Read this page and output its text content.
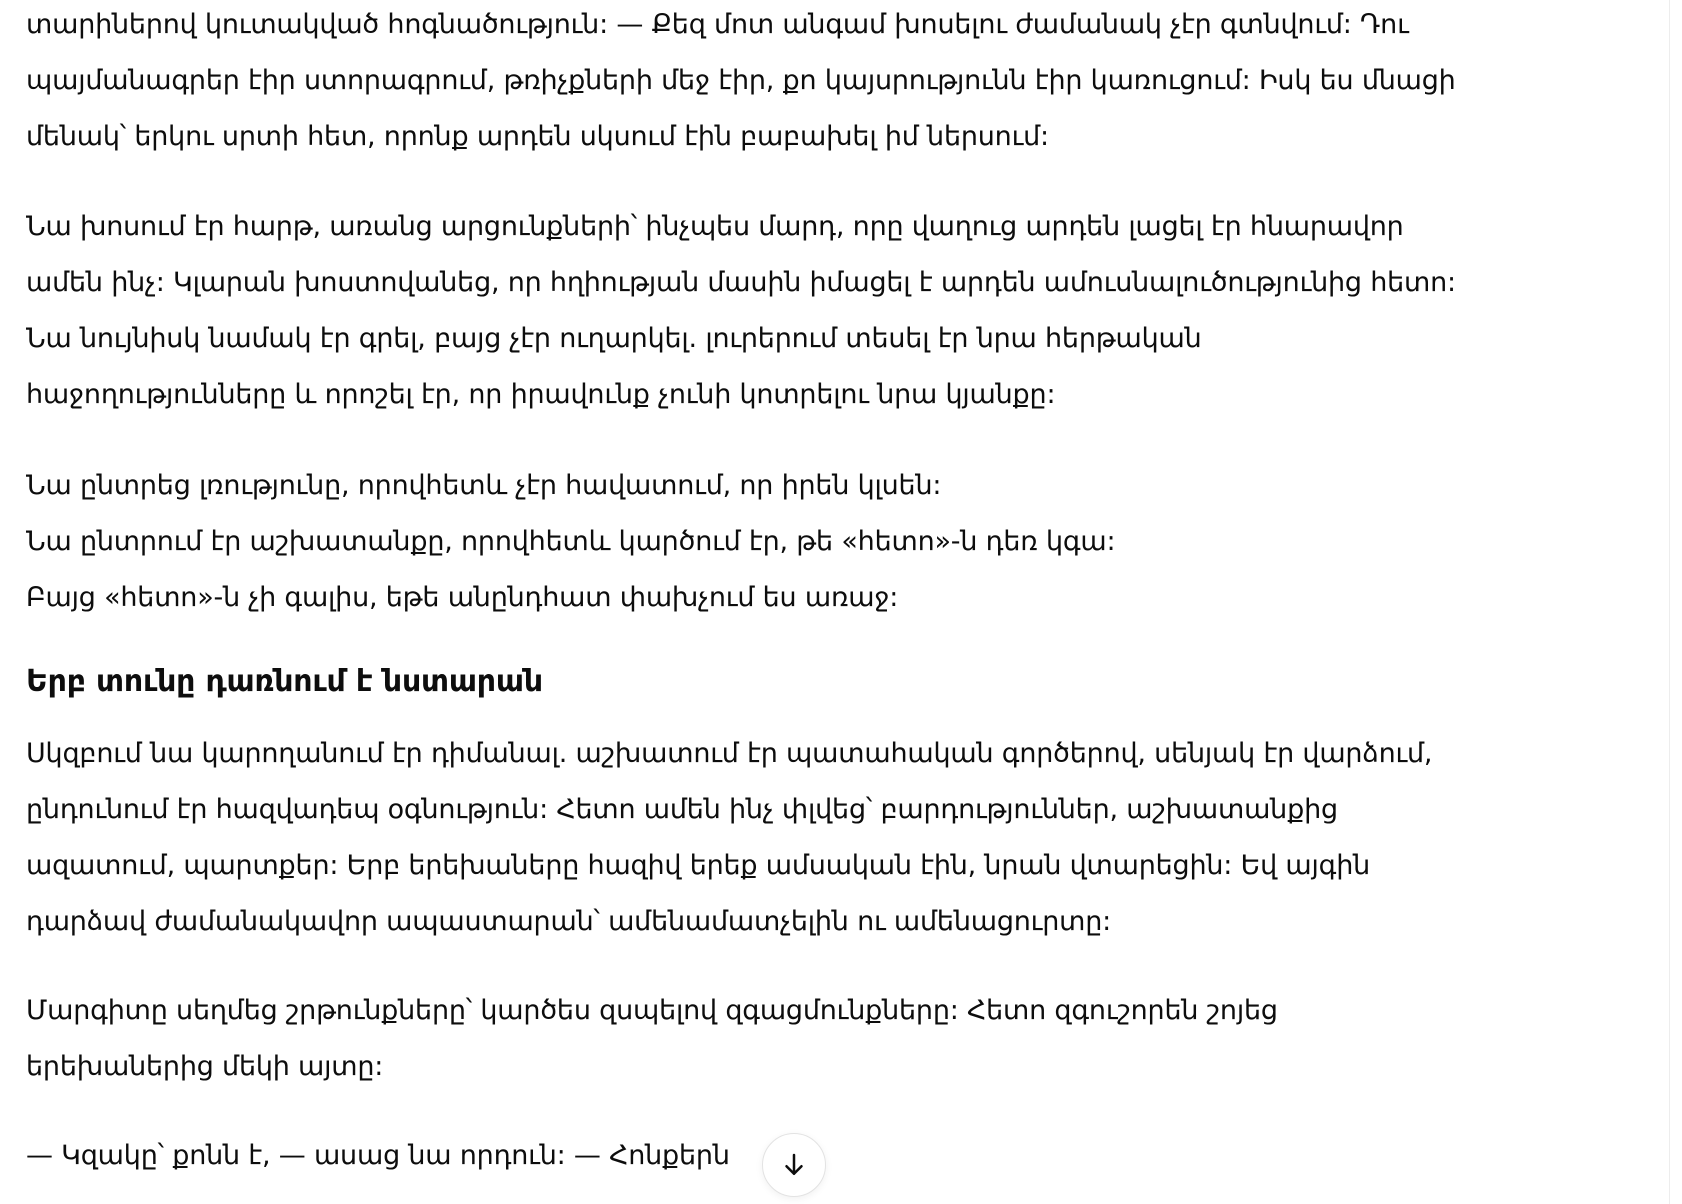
տարիներով կուտակված հոգնածություն: — Քեզ մոտ անգամ խոսելու ժամանակ չէր գտնվում: Դու
պայմանագրեր էիր ստորագրում, թռիչքների մեջ էիր, քո կայսրությունն էիր կառուցում: Իսկ ես մնացի
մենակ՝ երկու սրտի հետ, որոնք արդեն սկսում էին բաբախել իմ ներսում:
Նա խոսում էր հարթ, առանց արցունքների՝ ինչպես մարդ, որը վաղուց արդեն լացել էր հնարավոր
ամեն ինչ: Կլարան խոստովանեց, որ հղիության մասին իմացել է արդեն ամուսնալուծությունից հետո:
Նա նույնիսկ նամակ էր գրել, բայց չէր ուղարկել. լուրերում տեսել էր նրա հերթական
հաջողությունները և որոշել էր, որ իրավունք չունի կոտրելու նրա կյանքը:
Նա ընտրեց լռությունը, որովհետև չէր հավատում, որ իրեն կլսեն:
Նա ընտրում էր աշխատանքը, որովհետև կարծում էր, թե «հետո»-ն դեռ կգա:
Բայց «հետո»-ն չի գալիս, եթե անընդհատ փախչում ես առաջ:
Երբ տունը դառնում է նստարան
Սկզբում նա կարողանում էր դիմանալ. աշխատում էր պատահական գործերով, սենյակ էր վարձում,
ընդունում էր հազվադեպ օգնություն: Հետո ամեն ինչ փլվեց՝ բարդություններ, աշխատանքից
ազատում, պարտքեր: Երբ երեխաները հազիվ երեք ամսական էին, նրան վտարեցին: Եվ այգին
դարձավ ժամանակավոր ապաստարան՝ ամենամատչելին ու ամենացուրտը:
Մարգիտը սեղմեց շրթունքները՝ կարծես զսպելով զգացմունքները: Հետո զգուշորեն շոյեց
երեխաներից մեկի այտը:
— Կզակը՝ քոնն է, — ասաց նա որդուն: — Հոնքերն
